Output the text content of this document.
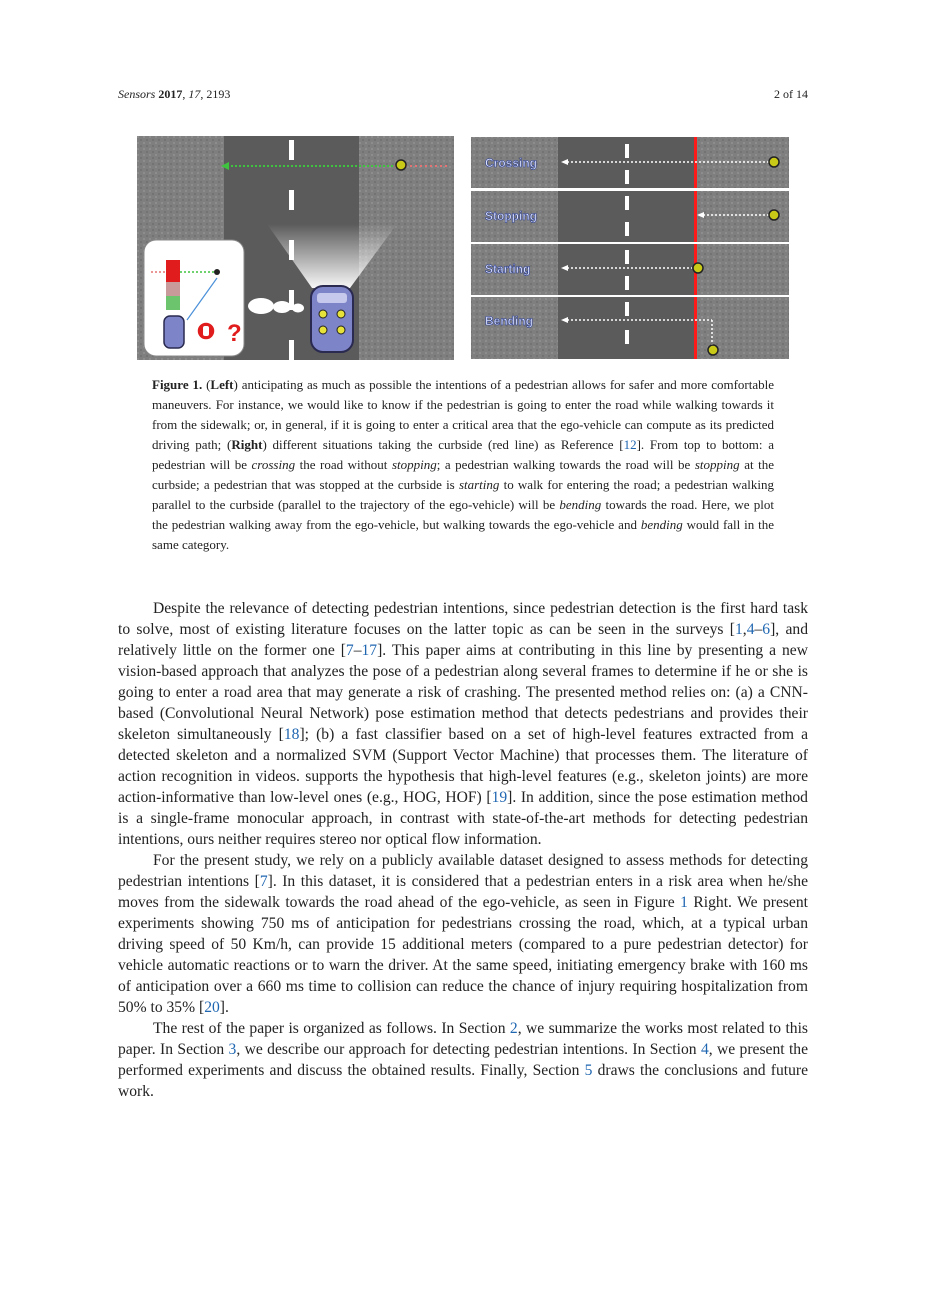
Sensors 2017, 17, 2193	2 of 14
?
Crossing
Stopping
Starting
Bending
Figure 1. (Left) anticipating as much as possible the intentions of a pedestrian allows for safer and more comfortable maneuvers. For instance, we would like to know if the pedestrian is going to enter the road while walking towards it from the sidewalk; or, in general, if it is going to enter a critical area that the ego-vehicle can compute as its predicted driving path; (Right) different situations taking the curbside (red line) as Reference [12]. From top to bottom: a pedestrian will be crossing the road without stopping; a pedestrian walking towards the road will be stopping at the curbside; a pedestrian that was stopped at the curbside is starting to walk for entering the road; a pedestrian walking parallel to the curbside (parallel to the trajectory of the ego-vehicle) will be bending towards the road. Here, we plot the pedestrian walking away from the ego-vehicle, but walking towards the ego-vehicle and bending would fall in the same category.

Despite the relevance of detecting pedestrian intentions, since pedestrian detection is the first hard task to solve, most of existing literature focuses on the latter topic as can be seen in the surveys [1,4–6], and relatively little on the former one [7–17]. This paper aims at contributing in this line by presenting a new vision-based approach that analyzes the pose of a pedestrian along several frames to determine if he or she is going to enter a road area that may generate a risk of crashing. The presented method relies on: (a) a CNN-based (Convolutional Neural Network) pose estimation method that detects pedestrians and provides their skeleton simultaneously [18]; (b) a fast classifier based on a set of high-level features extracted from a detected skeleton and a normalized SVM (Support Vector Machine) that processes them. The literature of action recognition in videos. supports the hypothesis that high-level features (e.g., skeleton joints) are more action-informative than low-level ones (e.g., HOG, HOF) [19]. In addition, since the pose estimation method is a single-frame monocular approach, in contrast with state-of-the-art methods for detecting pedestrian intentions, ours neither requires stereo nor optical flow information.

For the present study, we rely on a publicly available dataset designed to assess methods for detecting pedestrian intentions [7]. In this dataset, it is considered that a pedestrian enters in a risk area when he/she moves from the sidewalk towards the road ahead of the ego-vehicle, as seen in Figure 1 Right. We present experiments showing 750 ms of anticipation for pedestrians crossing the road, which, at a typical urban driving speed of 50 Km/h, can provide 15 additional meters (compared to a pure pedestrian detector) for vehicle automatic reactions or to warn the driver. At the same speed, initiating emergency brake with 160 ms of anticipation over a 660 ms time to collision can reduce the chance of injury requiring hospitalization from 50% to 35% [20].

The rest of the paper is organized as follows. In Section 2, we summarize the works most related to this paper. In Section 3, we describe our approach for detecting pedestrian intentions. In Section 4, we present the performed experiments and discuss the obtained results. Finally, Section 5 draws the conclusions and future work.
